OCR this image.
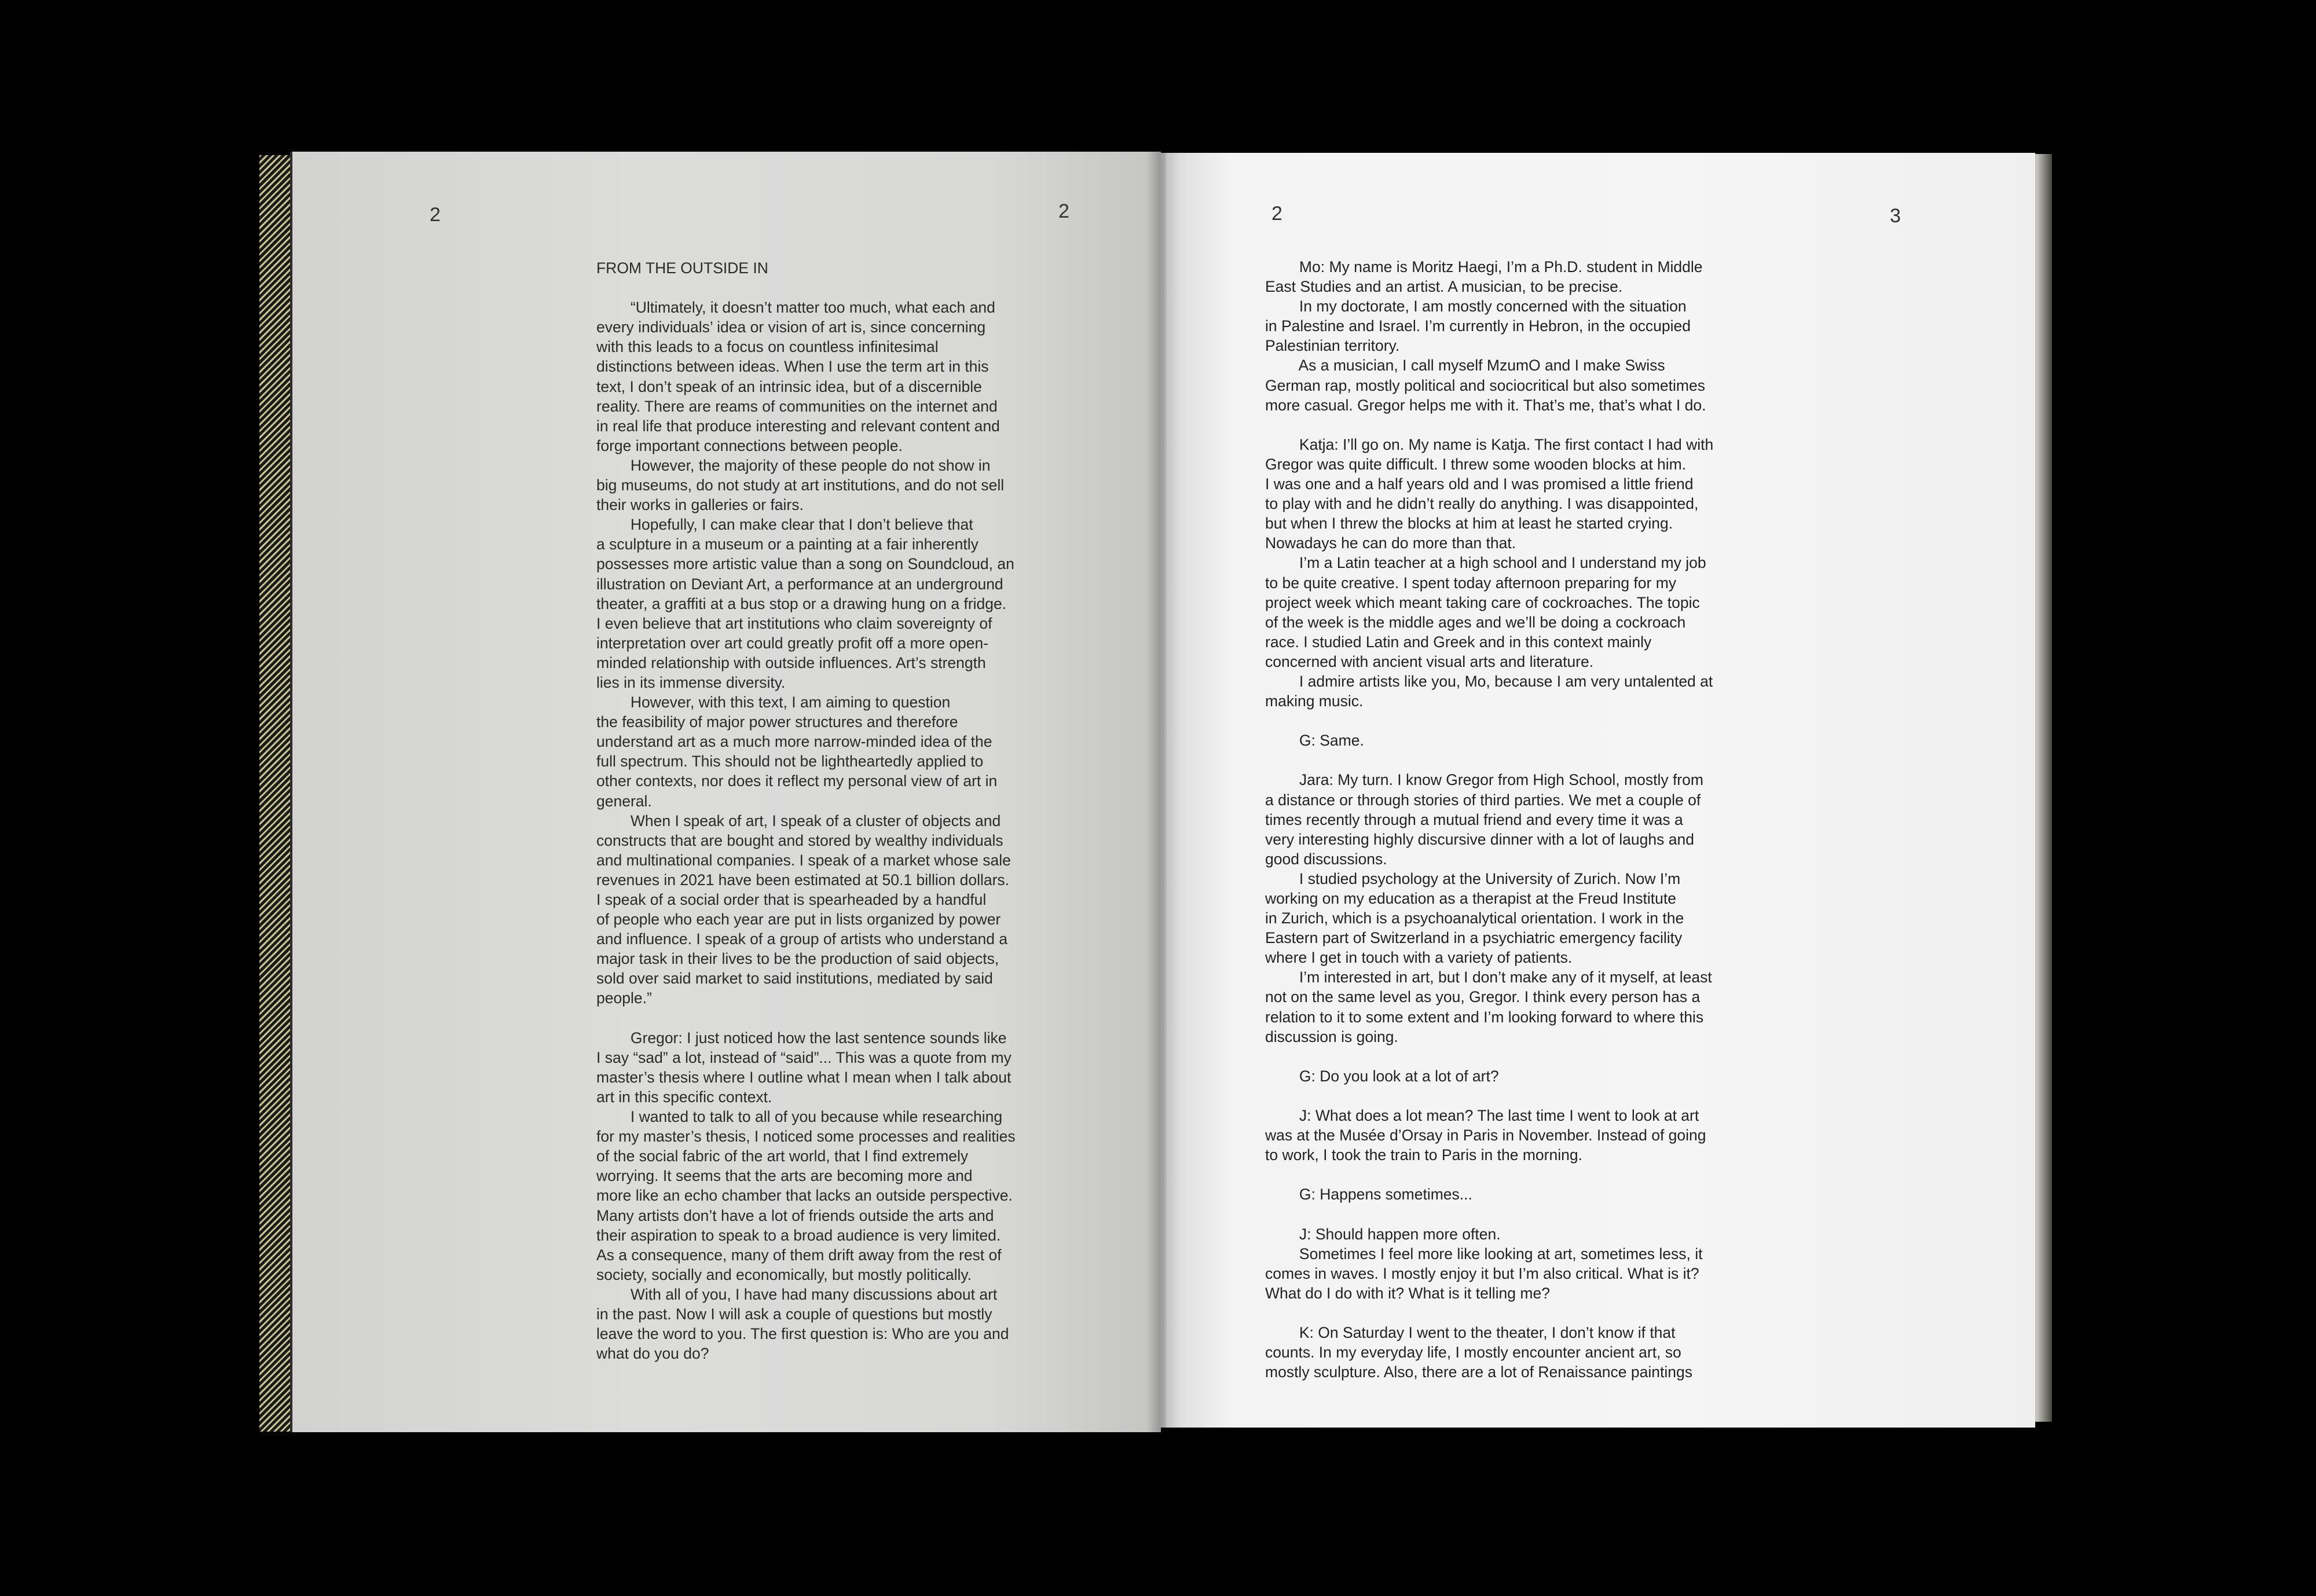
2	2	2	3
FROM THE OUTSIDE IN
“Ultimately, it doesn’t matter too much, what each and
every individuals’ idea or vision of art is, since concerning
with this leads to a focus on countless infinitesimal
distinctions between ideas. When I use the term art in this
text, I don’t speak of an intrinsic idea, but of a discernible
reality. There are reams of communities on the internet and
in real life that produce interesting and relevant content and
forge important connections between people.
However, the majority of these people do not show in
big museums, do not study at art institutions, and do not sell
their works in galleries or fairs.
Hopefully, I can make clear that I don’t believe that
a sculpture in a museum or a painting at a fair inherently
possesses more artistic value than a song on Soundcloud, an
illustration on Deviant Art, a performance at an underground
theater, a graffiti at a bus stop or a drawing hung on a fridge.
I even believe that art institutions who claim sovereignty of
interpretation over art could greatly profit off a more open-
minded relationship with outside influences. Art’s strength
lies in its immense diversity.
However, with this text, I am aiming to question
the feasibility of major power structures and therefore
understand art as a much more narrow-minded idea of the
full spectrum. This should not be lightheartedly applied to
other contexts, nor does it reflect my personal view of art in
general.
When I speak of art, I speak of a cluster of objects and
constructs that are bought and stored by wealthy individuals
and multinational companies. I speak of a market whose sale
revenues in 2021 have been estimated at 50.1 billion dollars.
I speak of a social order that is spearheaded by a handful
of people who each year are put in lists organized by power
and influence. I speak of a group of artists who understand a
major task in their lives to be the production of said objects,
sold over said market to said institutions, mediated by said
people.”
Gregor: I just noticed how the last sentence sounds like
I say “sad” a lot, instead of “said”... This was a quote from my
master’s thesis where I outline what I mean when I talk about
art in this specific context.
I wanted to talk to all of you because while researching
for my master’s thesis, I noticed some processes and realities
of the social fabric of the art world, that I find extremely
worrying. It seems that the arts are becoming more and
more like an echo chamber that lacks an outside perspective.
Many artists don’t have a lot of friends outside the arts and
their aspiration to speak to a broad audience is very limited.
As a consequence, many of them drift away from the rest of
society, socially and economically, but mostly politically.
With all of you, I have had many discussions about art
in the past. Now I will ask a couple of questions but mostly
leave the word to you. The first question is: Who are you and
what do you do?
Mo: My name is Moritz Haegi, I’m a Ph.D. student in Middle
East Studies and an artist. A musician, to be precise.
In my doctorate, I am mostly concerned with the situation
in Palestine and Israel. I’m currently in Hebron, in the occupied
Palestinian territory.
As a musician, I call myself MzumO and I make Swiss
German rap, mostly political and sociocritical but also sometimes
more casual. Gregor helps me with it. That’s me, that’s what I do.
Katja: I’ll go on. My name is Katja. The first contact I had with
Gregor was quite difficult. I threw some wooden blocks at him.
I was one and a half years old and I was promised a little friend
to play with and he didn’t really do anything. I was disappointed,
but when I threw the blocks at him at least he started crying.
Nowadays he can do more than that.
I’m a Latin teacher at a high school and I understand my job
to be quite creative. I spent today afternoon preparing for my
project week which meant taking care of cockroaches. The topic
of the week is the middle ages and we’ll be doing a cockroach
race. I studied Latin and Greek and in this context mainly
concerned with ancient visual arts and literature.
I admire artists like you, Mo, because I am very untalented at
making music.
G: Same.
Jara: My turn. I know Gregor from High School, mostly from
a distance or through stories of third parties. We met a couple of
times recently through a mutual friend and every time it was a
very interesting highly discursive dinner with a lot of laughs and
good discussions.
I studied psychology at the University of Zurich. Now I’m
working on my education as a therapist at the Freud Institute
in Zurich, which is a psychoanalytical orientation. I work in the
Eastern part of Switzerland in a psychiatric emergency facility
where I get in touch with a variety of patients.
I’m interested in art, but I don’t make any of it myself, at least
not on the same level as you, Gregor. I think every person has a
relation to it to some extent and I’m looking forward to where this
discussion is going.
G: Do you look at a lot of art?
J: What does a lot mean? The last time I went to look at art
was at the Musée d’Orsay in Paris in November. Instead of going
to work, I took the train to Paris in the morning.
G: Happens sometimes...
J: Should happen more often.
Sometimes I feel more like looking at art, sometimes less, it
comes in waves. I mostly enjoy it but I’m also critical. What is it?
What do I do with it? What is it telling me?
K: On Saturday I went to the theater, I don’t know if that
counts. In my everyday life, I mostly encounter ancient art, so
mostly sculpture. Also, there are a lot of Renaissance paintings
